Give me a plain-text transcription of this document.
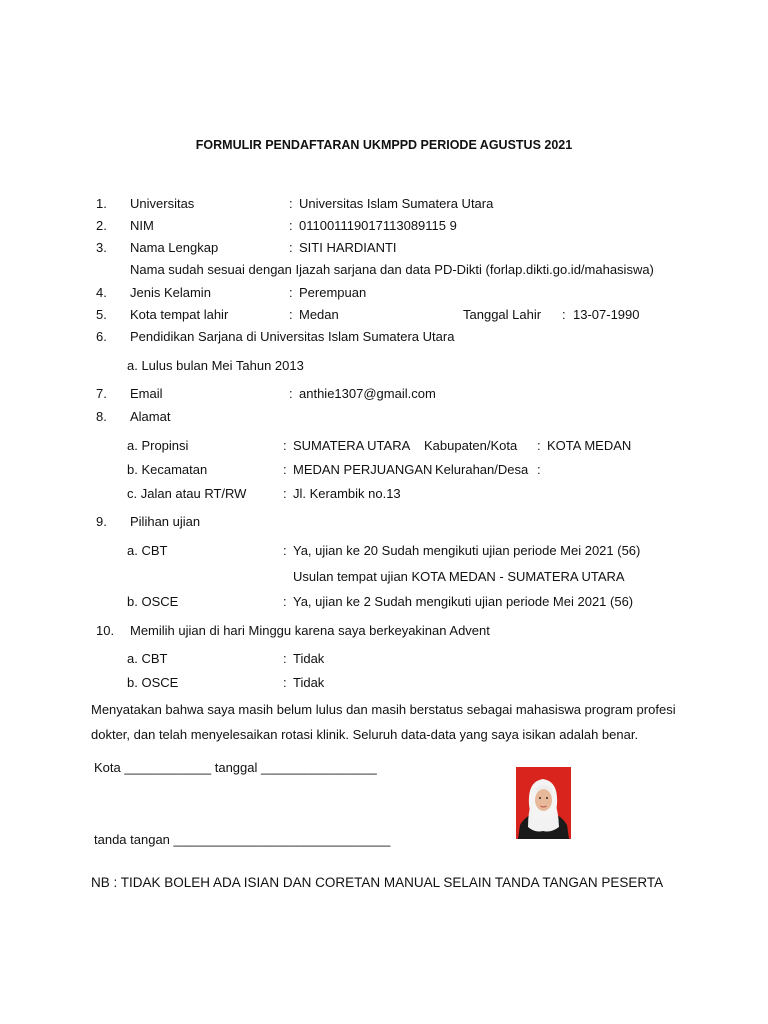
FORMULIR PENDAFTARAN UKMPPD PERIODE AGUSTUS 2021
1. Universitas	: Universitas Islam Sumatera Utara
2. NIM	: 011001119017113089115 9
3. Nama Lengkap	: SITI HARDIANTI
Nama sudah sesuai dengan Ijazah sarjana dan data PD-Dikti (forlap.dikti.go.id/mahasiswa)
4. Jenis Kelamin	: Perempuan
5. Kota tempat lahir	: Medan	Tanggal Lahir : 13-07-1990
6. Pendidikan Sarjana di Universitas Islam Sumatera Utara
a. Lulus bulan Mei Tahun 2013
7. Email	: anthie1307@gmail.com
8. Alamat
a. Propinsi	: SUMATERA UTARA Kabupaten/Kota : KOTA MEDAN
b. Kecamatan	: MEDAN PERJUANGAN Kelurahan/Desa :
c. Jalan atau RT/RW	: Jl. Kerambik no.13
9. Pilihan ujian
a. CBT	: Ya, ujian ke 20 Sudah mengikuti ujian periode Mei 2021 (56)
Usulan tempat ujian KOTA MEDAN - SUMATERA UTARA
b. OSCE	: Ya, ujian ke 2 Sudah mengikuti ujian periode Mei 2021 (56)
10. Memilih ujian di hari Minggu karena saya berkeyakinan Advent
a. CBT	: Tidak
b. OSCE	: Tidak
Menyatakan bahwa saya masih belum lulus dan masih berstatus sebagai mahasiswa program profesi
dokter, dan telah menyelesaikan rotasi klinik. Seluruh data-data yang saya isikan adalah benar.
Kota ____________ tanggal ________________
tanda tangan ______________________________
NB : TIDAK BOLEH ADA ISIAN DAN CORETAN MANUAL SELAIN TANDA TANGAN PESERTA
